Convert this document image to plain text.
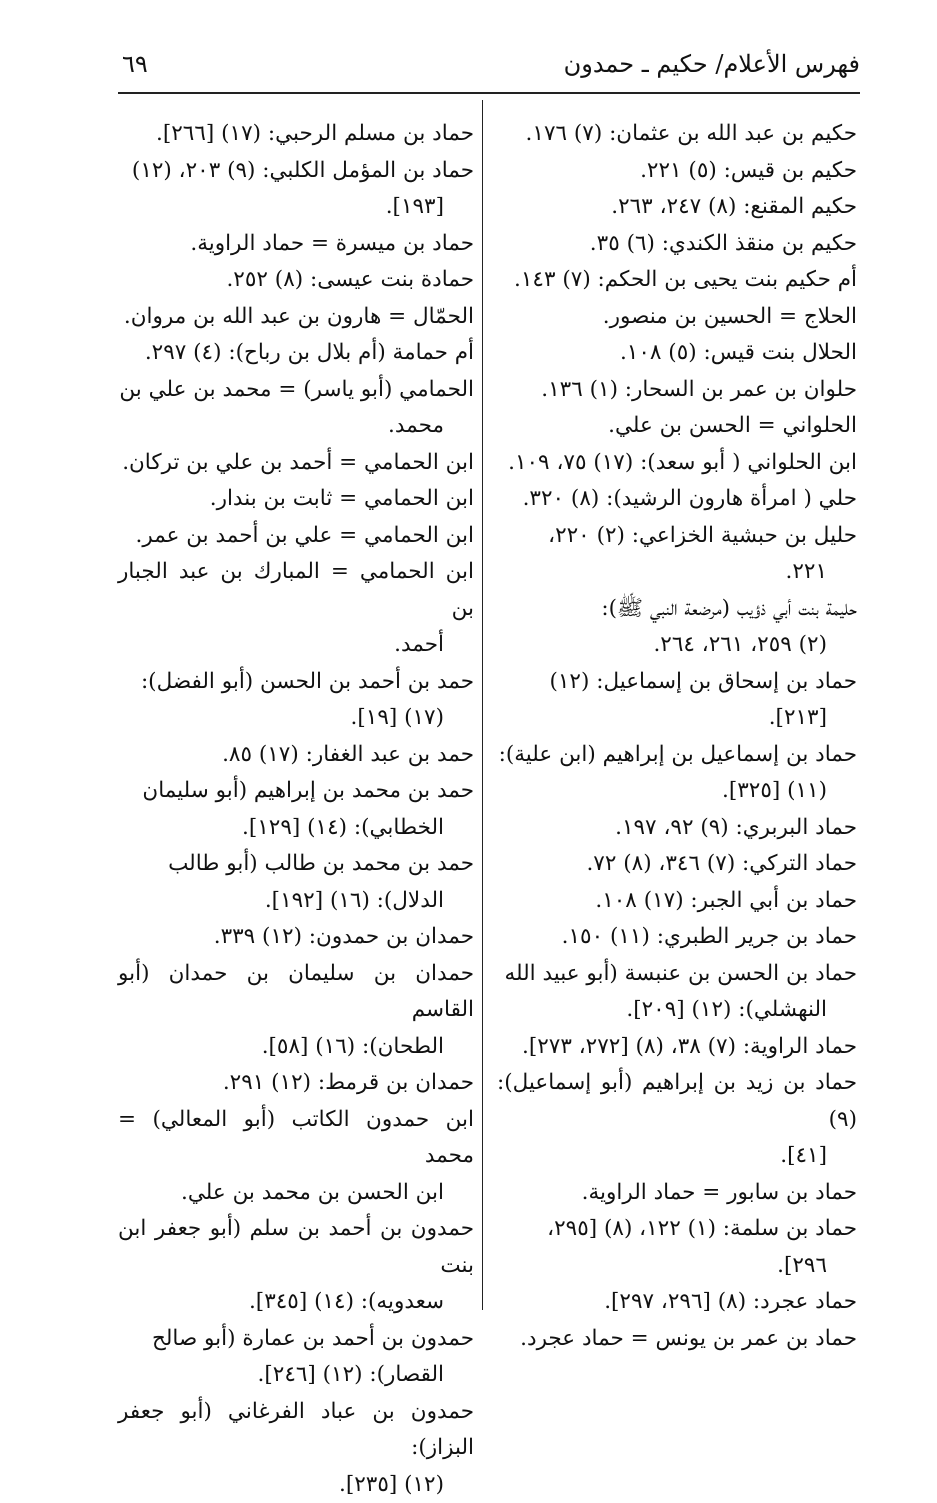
فهرس الأعلام/ حكيم ـ حمدون
٦٩
حكيم بن عبد الله بن عثمان: (٧) ١٧٦.
حكيم بن قيس: (٥) ٢٢١.
حكيم المقنع: (٨) ٢٤٧، ٢٦٣.
حكيم بن منقذ الكندي: (٦) ٣٥.
أم حكيم بنت يحيى بن الحكم: (٧) ١٤٣.
الحلاج = الحسين بن منصور.
الحلال بنت قيس: (٥) ١٠٨.
حلوان بن عمر بن السحار: (١) ١٣٦.
الحلواني = الحسن بن علي.
ابن الحلواني ( أبو سعد): (١٧) ٧٥، ١٠٩.
حلي ( امرأة هارون الرشيد): (٨) ٣٢٠.
حليل بن حبشية الخزاعي: (٢) ٢٢٠،
٢٢١.
حليمة بنت أبي ذؤيب (مرضعة النبي ﷺ):
(٢) ٢٥٩، ٢٦١، ٢٦٤.
حماد بن إسحاق بن إسماعيل: (١٢)
[٢١٣].
حماد بن إسماعيل بن إبراهيم (ابن علية):
(١١) [٣٢٥].
حماد البربري: (٩) ٩٢، ١٩٧.
حماد التركي: (٧) ٣٤٦، (٨) ٧٢.
حماد بن أبي الجبر: (١٧) ١٠٨.
حماد بن جرير الطبري: (١١) ١٥٠.
حماد بن الحسن بن عنبسة (أبو عبيد الله
النهشلي): (١٢) [٢٠٩].
حماد الراوية: (٧) ٣٨، (٨) [٢٧٢، ٢٧٣].
حماد بن زيد بن إبراهيم (أبو إسماعيل): (٩)
[٤١].
حماد بن سابور = حماد الراوية.
حماد بن سلمة: (١) ١٢٢، (٨) [٢٩٥،
٢٩٦].
حماد عجرد: (٨) [٢٩٦، ٢٩٧].
حماد بن عمر بن يونس = حماد عجرد.
حماد بن مسلم الرحبي: (١٧) [٢٦٦].
حماد بن المؤمل الكلبي: (٩) ٢٠٣، (١٢)
[١٩٣].
حماد بن ميسرة = حماد الراوية.
حمادة بنت عيسى: (٨) ٢٥٢.
الحمّال = هارون بن عبد الله بن مروان.
أم حمامة (أم بلال بن رباح): (٤) ٢٩٧.
الحمامي (أبو ياسر) = محمد بن علي بن
محمد.
ابن الحمامي = أحمد بن علي بن تركان.
ابن الحمامي = ثابت بن بندار.
ابن الحمامي = علي بن أحمد بن عمر.
ابن الحمامي = المبارك بن عبد الجبار بن
أحمد.
حمد بن أحمد بن الحسن (أبو الفضل):
(١٧) [١٩].
حمد بن عبد الغفار: (١٧) ٨٥.
حمد بن محمد بن إبراهيم (أبو سليمان
الخطابي): (١٤) [١٢٩].
حمد بن محمد بن طالب (أبو طالب
الدلال): (١٦) [١٩٢].
حمدان بن حمدون: (١٢) ٣٣٩.
حمدان بن سليمان بن حمدان (أبو القاسم
الطحان): (١٦) [٥٨].
حمدان بن قرمط: (١٢) ٢٩١.
ابن حمدون الكاتب (أبو المعالي) = محمد
ابن الحسن بن محمد بن علي.
حمدون بن أحمد بن سلم (أبو جعفر ابن بنت
سعدويه): (١٤) [٣٤٥].
حمدون بن أحمد بن عمارة (أبو صالح
القصار): (١٢) [٢٤٦].
حمدون بن عباد الفرغاني (أبو جعفر البزاز):
(١٢) [٢٣٥].
